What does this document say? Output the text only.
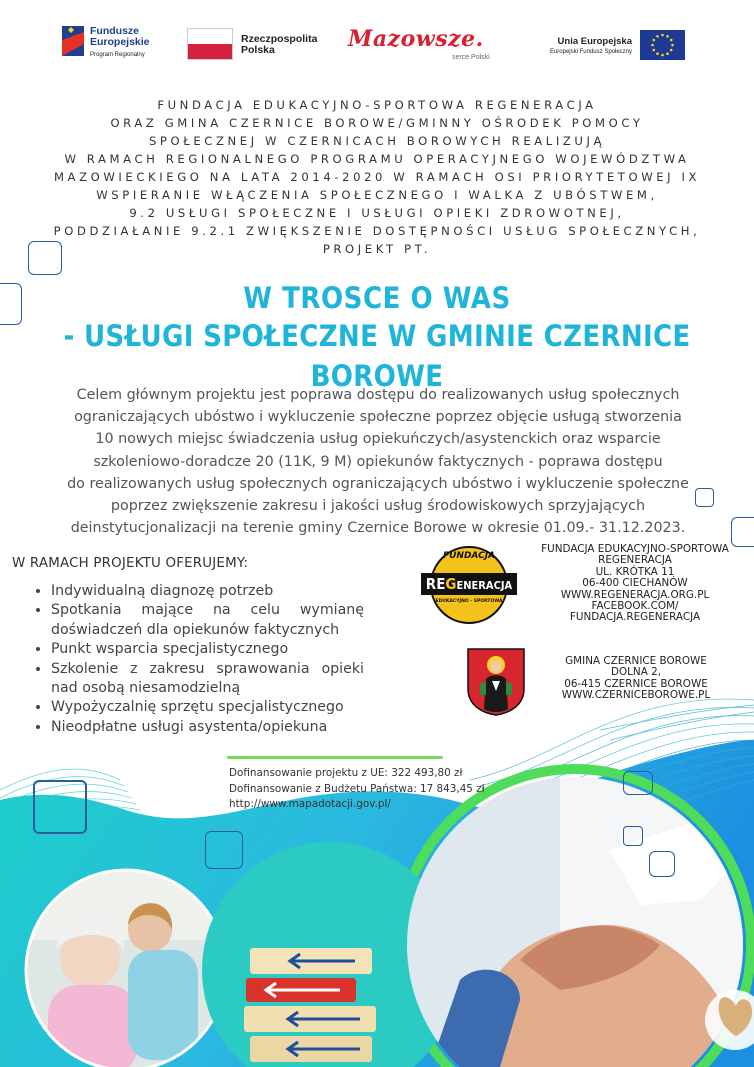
Fundusze
Europejskie
Program Regionalny
Rzeczpospolita
Polska	Mazowsze.
serce Polski
Unia Europejska
Europejski Fundusz Społeczny
FUNDACJA EDUKACYJNO-SPORTOWA REGENERACJA
ORAZ GMINA CZERNICE BOROWE/GMINNY OŚRODEK POMOCY
SPOŁECZNEJ W CZERNICACH BOROWYCH REALIZUJĄ
W RAMACH REGIONALNEGO PROGRAMU OPERACYJNEGO WOJEWÓDZTWA
MAZOWIECKIEGO NA LATA 2014-2020 W RAMACH OSI PRIORYTETOWEJ IX
WSPIERANIE WŁĄCZENIA SPOŁECZNEGO I WALKA Z UBÓSTWEM,
9.2 USŁUGI SPOŁECZNE I USŁUGI OPIEKI ZDROWOTNEJ,
PODDZIAŁANIE 9.2.1 ZWIĘKSZENIE DOSTĘPNOŚCI USŁUG SPOŁECZNYCH,
PROJEKT PT.
W TROSCE O WAS
- USŁUGI SPOŁECZNE W GMINIE CZERNICE BOROWE
Celem głównym projektu jest poprawa dostępu do realizowanych usług społecznych
ograniczających ubóstwo i wykluczenie społeczne poprzez objęcie usługą stworzenia
10 nowych miejsc świadczenia usług opiekuńczych/asystenckich oraz wsparcie
szkoleniowo-doradcze 20 (11K, 9 M) opiekunów faktycznych - poprawa dostępu
do realizowanych usług społecznych ograniczających ubóstwo i wykluczenie społeczne
poprzez zwiększenie zakresu i jakości usług środowiskowych sprzyjających
deinstytucjonalizacji na terenie gminy Czernice Borowe w okresie 01.09.- 31.12.2023.
W RAMACH PROJEKTU OFERUJEMY:
• Indywidualną diagnozę potrzeb
• Spotkania mające na celu wymianę doświadczeń dla opiekunów faktycznych
• Punkt wsparcia specjalistycznego
• Szkolenie z zakresu sprawowania opieki nad osobą niesamodzielną
• Wypożyczalnię sprzętu specjalistycznego
• Nieodpłatne usługi asystenta/opiekuna
FUNDACJA
REGENERACJA
EDUKACYJNO - SPORTOWA
FUNDACJA EDUKACYJNO-SPORTOWA
REGENERACJA
UL. KRÓTKA 11
06-400 CIECHANÓW
WWW.REGENERACJA.ORG.PL
FACEBOOK.COM/
FUNDACJA.REGENERACJA
GMINA CZERNICE BOROWE
DOLNA 2,
06-415 CZERNICE BOROWE
WWW.CZERNICEBOROWE.PL
Dofinansowanie projektu z UE: 322 493,80 zł
Dofinansowanie z Budżetu Państwa: 17 843,45 zł
http://www.mapadotacji.gov.pl/
